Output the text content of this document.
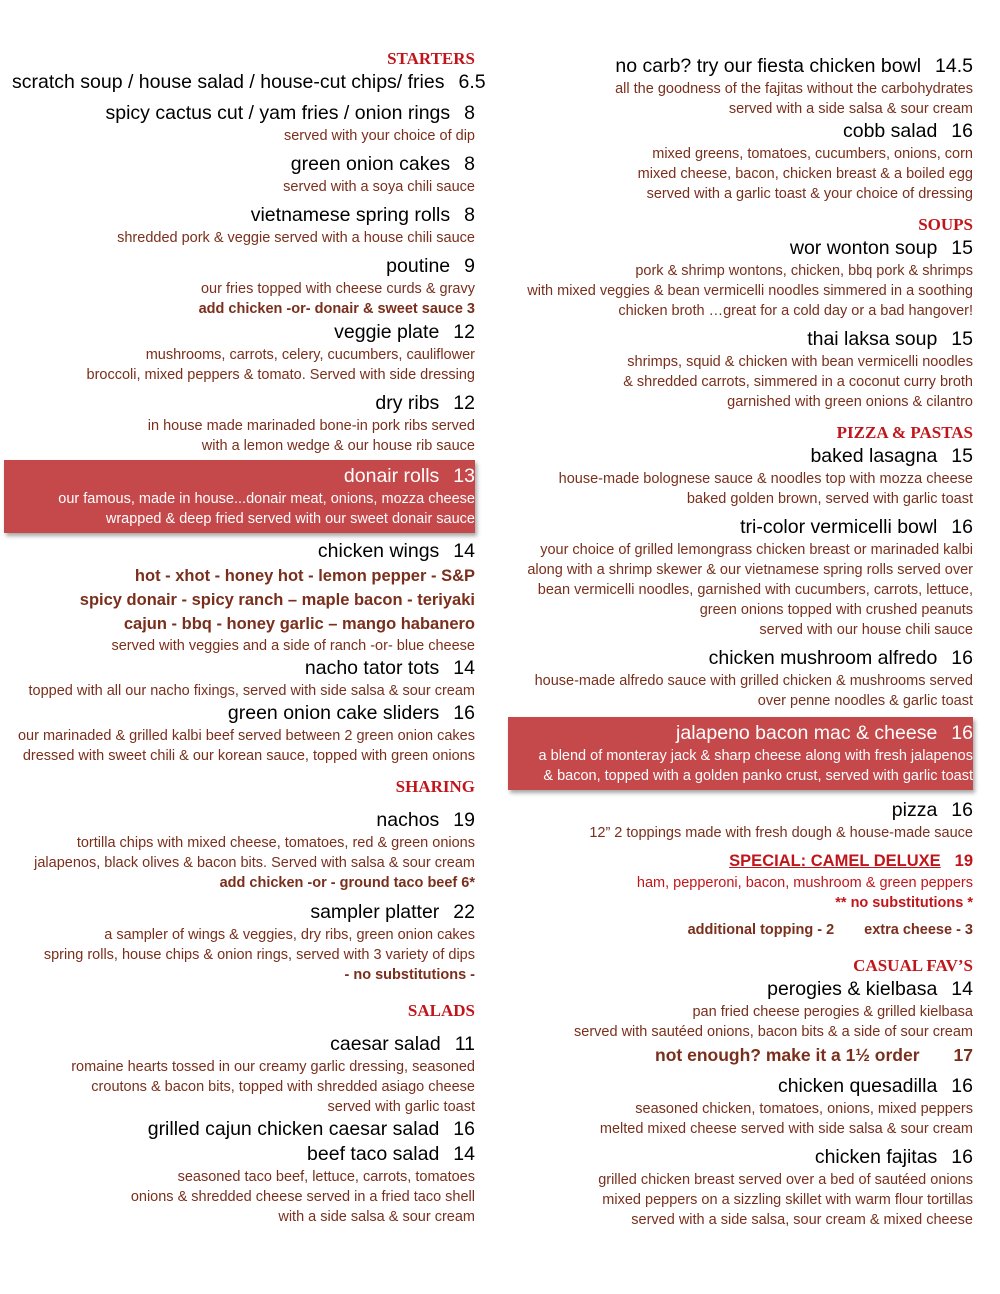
STARTERS
scratch soup / house salad / house-cut chips/ fries 6.5
spicy cactus cut / yam fries / onion rings 8
served with your choice of dip
green onion cakes 8
served with a soya chili sauce
vietnamese spring rolls 8
shredded pork & veggie served with a house chili sauce
poutine 9
our fries topped with cheese curds & gravy
add chicken -or- donair & sweet sauce 3
veggie plate 12
mushrooms, carrots, celery, cucumbers, cauliflower
broccoli, mixed peppers & tomato. Served with side dressing
dry ribs 12
in house made marinaded bone-in pork ribs served
with a lemon wedge & our house rib sauce
donair rolls 13
our famous, made in house...donair meat, onions, mozza cheese
wrapped & deep fried served with our sweet donair sauce
chicken wings 14
hot - xhot - honey hot - lemon pepper - S&P
spicy donair - spicy ranch – maple bacon - teriyaki
cajun - bbq - honey garlic – mango habanero
served with veggies and a side of ranch -or- blue cheese
nacho tator tots 14
topped with all our nacho fixings, served with side salsa & sour cream
green onion cake sliders 16
our marinaded & grilled kalbi beef served between 2 green onion cakes
dressed with sweet chili & our korean sauce, topped with green onions
SHARING
nachos 19
tortilla chips with mixed cheese, tomatoes, red & green onions
jalapenos, black olives & bacon bits. Served with salsa & sour cream
add chicken -or - ground taco beef 6*
sampler platter 22
a sampler of wings & veggies, dry ribs, green onion cakes
spring rolls, house chips & onion rings, served with 3 variety of dips
- no substitutions -
SALADS
caesar salad 11
romaine hearts tossed in our creamy garlic dressing, seasoned
croutons & bacon bits, topped with shredded asiago cheese
served with garlic toast
grilled cajun chicken caesar salad 16
beef taco salad 14
seasoned taco beef, lettuce, carrots, tomatoes
onions & shredded cheese served in a fried taco shell
with a side salsa & sour cream
no carb? try our fiesta chicken bowl 14.5
all the goodness of the fajitas without the carbohydrates
served with a side salsa & sour cream
cobb salad 16
mixed greens, tomatoes, cucumbers, onions, corn
mixed cheese, bacon, chicken breast & a boiled egg
served with a garlic toast & your choice of dressing
SOUPS
wor wonton soup 15
pork & shrimp wontons, chicken, bbq pork & shrimps
with mixed veggies & bean vermicelli noodles simmered in a soothing
chicken broth …great for a cold day or a bad hangover!
thai laksa soup 15
shrimps, squid & chicken with bean vermicelli noodles
& shredded carrots, simmered in a coconut curry broth
garnished with green onions & cilantro
PIZZA & PASTAS
baked lasagna 15
house-made bolognese sauce & noodles top with mozza cheese
baked golden brown, served with garlic toast
tri-color vermicelli bowl 16
your choice of grilled lemongrass chicken breast or marinaded kalbi
along with a shrimp skewer & our vietnamese spring rolls served over
bean vermicelli noodles, garnished with cucumbers, carrots, lettuce,
green onions topped with crushed peanuts
served with our house chili sauce
chicken mushroom alfredo 16
house-made alfredo sauce with grilled chicken & mushrooms served
over penne noodles & garlic toast
jalapeno bacon mac & cheese 16
a blend of monteray jack & sharp cheese along with fresh jalapenos
& bacon, topped with a golden panko crust, served with garlic toast
pizza 16
12” 2 toppings made with fresh dough & house-made sauce
SPECIAL: CAMEL DELUXE 19
ham, pepperoni, bacon, mushroom & green peppers
** no substitutions *
additional topping - 2 extra cheese - 3
CASUAL FAV’S
perogies & kielbasa 14
pan fried cheese perogies & grilled kielbasa
served with sautéed onions, bacon bits & a side of sour cream
not enough? make it a 1½ order 17
chicken quesadilla 16
seasoned chicken, tomatoes, onions, mixed peppers
melted mixed cheese served with side salsa & sour cream
chicken fajitas 16
grilled chicken breast served over a bed of sautéed onions
mixed peppers on a sizzling skillet with warm flour tortillas
served with a side salsa, sour cream & mixed cheese
